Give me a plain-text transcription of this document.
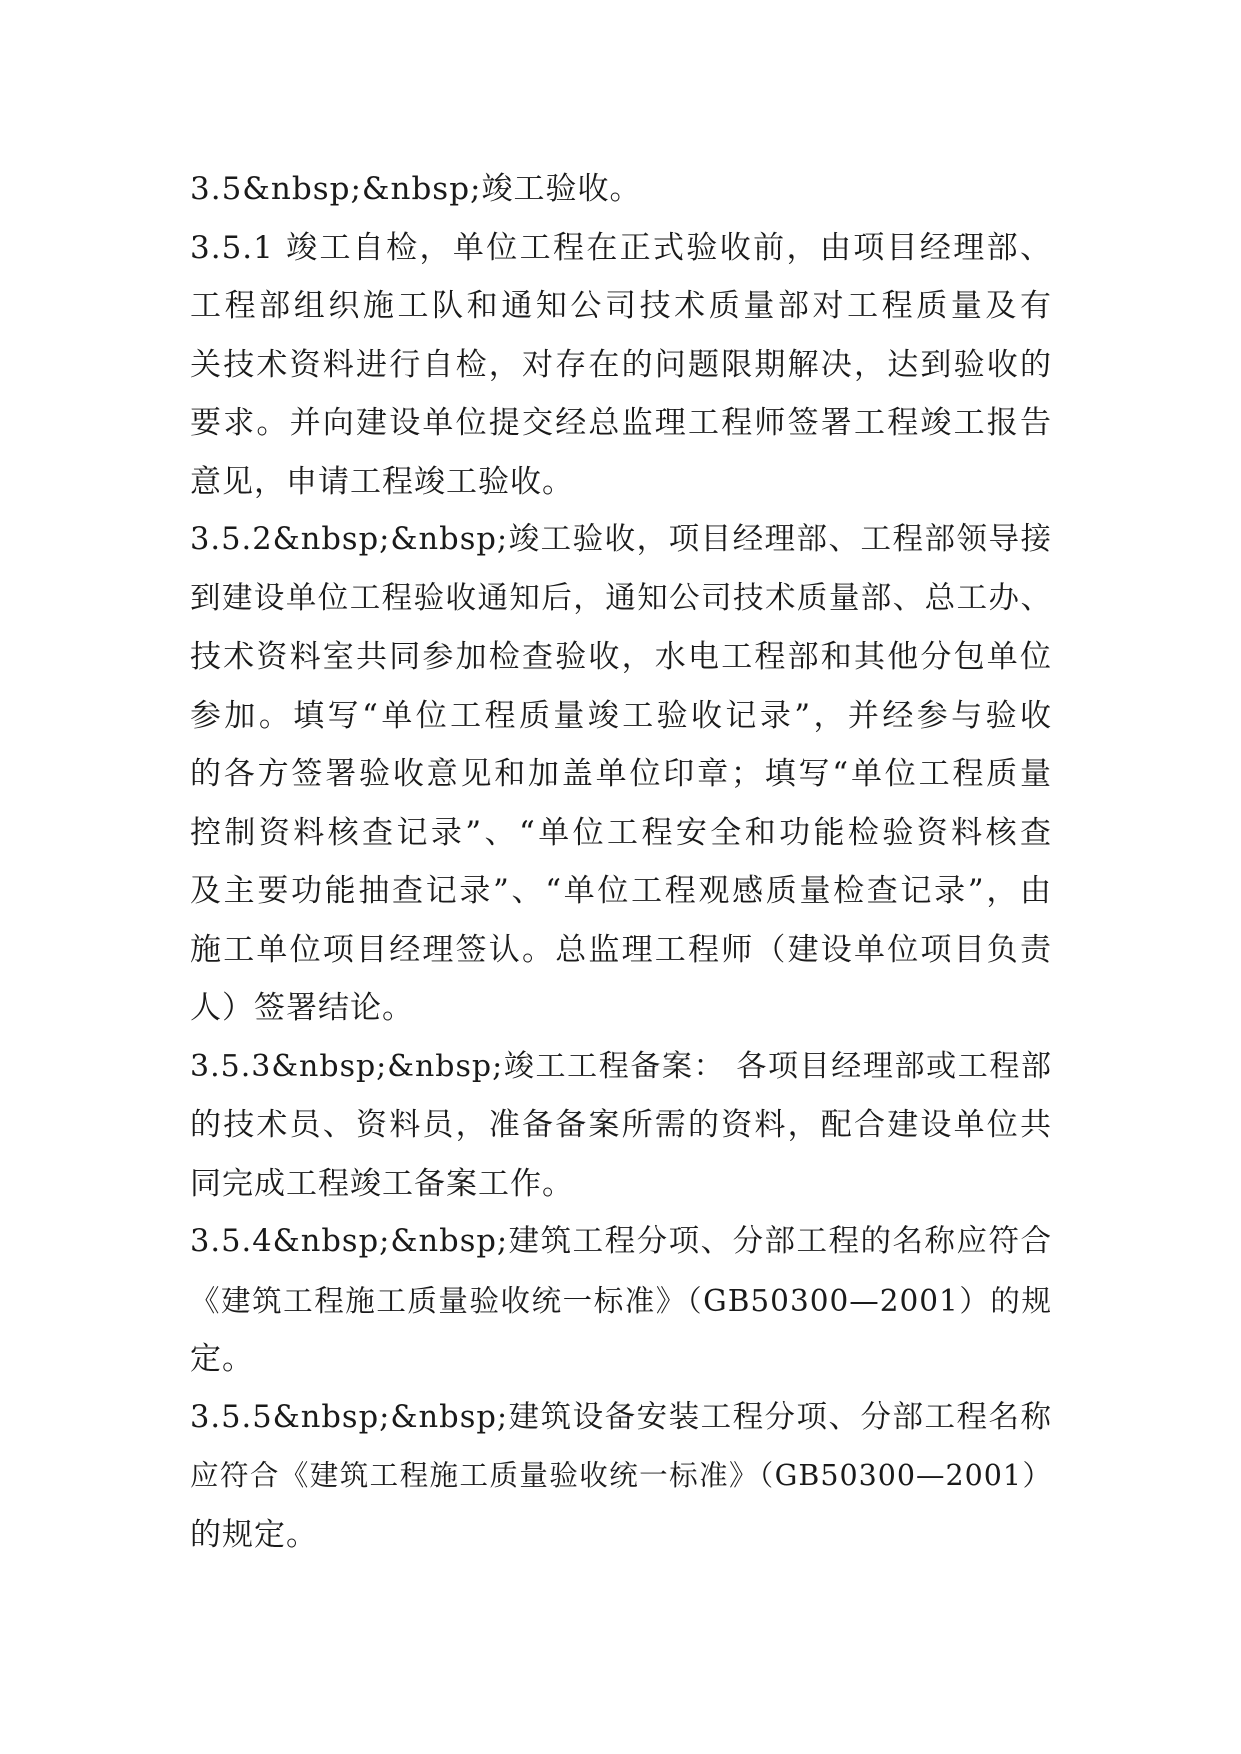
3.5&nbsp;&nbsp;竣工验收。
3.5.1 竣工自检，单位工程在正式验收前，由项目经理部、
工程部组织施工队和通知公司技术质量部对工程质量及有
关技术资料进行自检，对存在的问题限期解决，达到验收的
要求。并向建设单位提交经总监理工程师签署工程竣工报告
意见，申请工程竣工验收。
3.5.2&nbsp;&nbsp;竣工验收，项目经理部、工程部领导接
到建设单位工程验收通知后，通知公司技术质量部、总工办、
技术资料室共同参加检查验收，水电工程部和其他分包单位
参加。填写“单位工程质量竣工验收记录”，并经参与验收
的各方签署验收意见和加盖单位印章；填写“单位工程质量
控制资料核查记录”、“单位工程安全和功能检验资料核查
及主要功能抽查记录”、“单位工程观感质量检查记录”，由
施工单位项目经理签认。总监理工程师（建设单位项目负责
人）签署结论。
3.5.3&nbsp;&nbsp;竣工工程备案： 各项目经理部或工程部
的技术员、资料员，准备备案所需的资料，配合建设单位共
同完成工程竣工备案工作。
3.5.4&nbsp;&nbsp;建筑工程分项、分部工程的名称应符合
《建筑工程施工质量验收统一标准》（GB50300—2001）的规
定。
3.5.5&nbsp;&nbsp;建筑设备安装工程分项、分部工程名称
应符合《建筑工程施工质量验收统一标准》（GB50300—2001）
的规定。
